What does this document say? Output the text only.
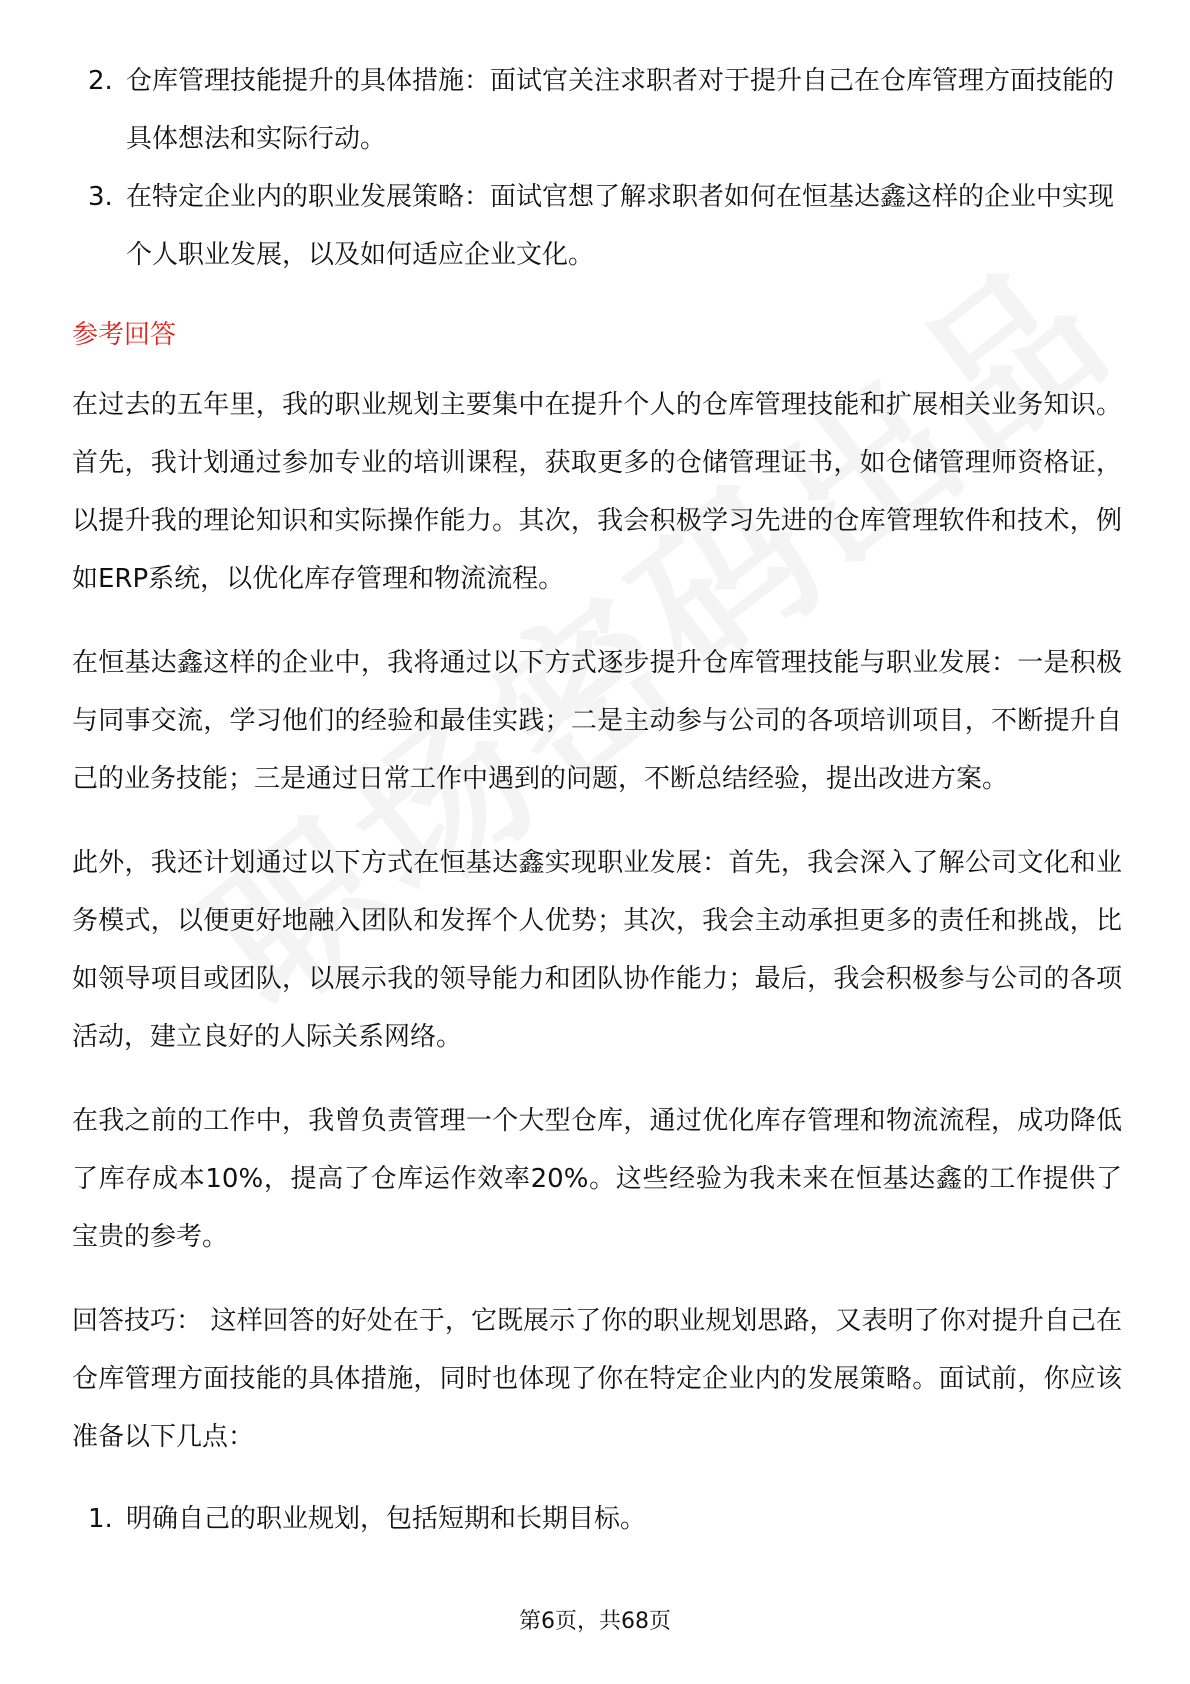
2. 仓库管理技能提升的具体措施：面试官关注求职者对于提升自己在仓库管理方面技能的具体想法和实际行动。
3. 在特定企业内的职业发展策略：面试官想了解求职者如何在恒基达鑫这样的企业中实现个人职业发展，以及如何适应企业文化。
参考回答

在过去的五年里，我的职业规划主要集中在提升个人的仓库管理技能和扩展相关业务知识。首先，我计划通过参加专业的培训课程，获取更多的仓储管理证书，如仓储管理师资格证，以提升我的理论知识和实际操作能力。其次，我会积极学习先进的仓库管理软件和技术，例如ERP系统，以优化库存管理和物流流程。

在恒基达鑫这样的企业中，我将通过以下方式逐步提升仓库管理技能与职业发展：一是积极与同事交流，学习他们的经验和最佳实践；二是主动参与公司的各项培训项目，不断提升自己的业务技能；三是通过日常工作中遇到的问题，不断总结经验，提出改进方案。

此外，我还计划通过以下方式在恒基达鑫实现职业发展：首先，我会深入了解公司文化和业务模式，以便更好地融入团队和发挥个人优势；其次，我会主动承担更多的责任和挑战，比如领导项目或团队，以展示我的领导能力和团队协作能力；最后，我会积极参与公司的各项活动，建立良好的人际关系网络。

在我之前的工作中，我曾负责管理一个大型仓库，通过优化库存管理和物流流程，成功降低了库存成本10%，提高了仓库运作效率20%。这些经验为我未来在恒基达鑫的工作提供了宝贵的参考。

回答技巧： 这样回答的好处在于，它既展示了你的职业规划思路，又表明了你对提升自己在仓库管理方面技能的具体措施，同时也体现了你在特定企业内的发展策略。面试前，你应该准备以下几点：

1. 明确自己的职业规划，包括短期和长期目标。
第6页，共68页
